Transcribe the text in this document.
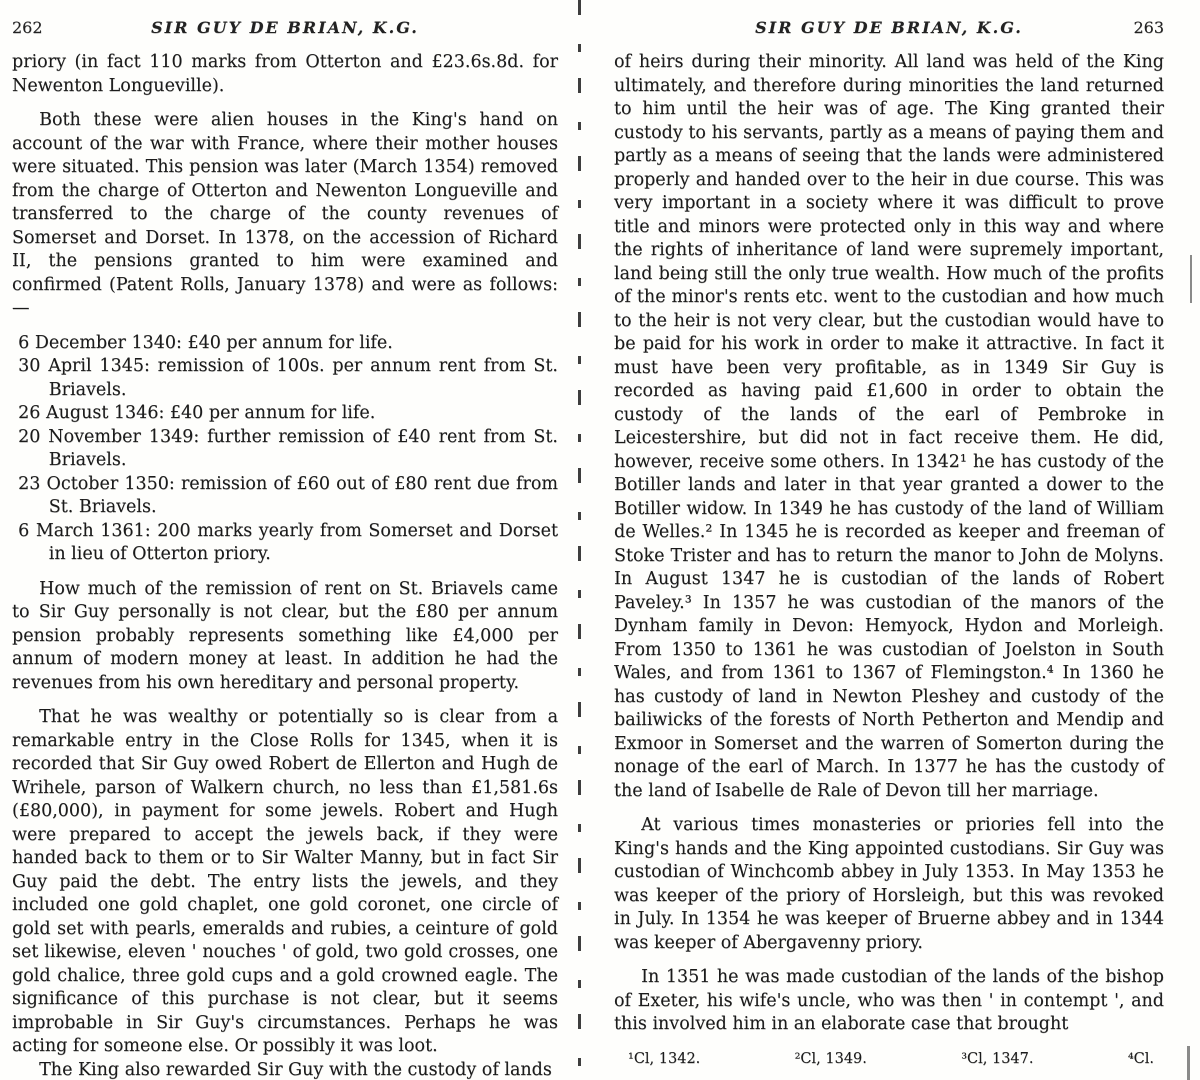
262	SIR GUY DE BRIAN, K.G.

priory (in fact 110 marks from Otterton and £23.6s.8d. for Newenton Longueville).

Both these were alien houses in the King's hand on account of the war with France, where their mother houses were situated. This pension was later (March 1354) removed from the charge of Otterton and Newenton Longueville and transferred to the charge of the county revenues of Somerset and Dorset. In 1378, on the accession of Richard II, the pensions granted to him were examined and confirmed (Patent Rolls, January 1378) and were as follows:—

6 December 1340: £40 per annum for life.
30 April 1345: remission of 100s. per annum rent from St. Briavels.
26 August 1346: £40 per annum for life.
20 November 1349: further remission of £40 rent from St. Briavels.
23 October 1350: remission of £60 out of £80 rent due from St. Briavels.
6 March 1361: 200 marks yearly from Somerset and Dorset in lieu of Otterton priory.

How much of the remission of rent on St. Briavels came to Sir Guy personally is not clear, but the £80 per annum pension probably represents something like £4,000 per annum of modern money at least. In addition he had the revenues from his own hereditary and personal property.

That he was wealthy or potentially so is clear from a remarkable entry in the Close Rolls for 1345, when it is recorded that Sir Guy owed Robert de Ellerton and Hugh de Wrihele, parson of Walkern church, no less than £1,581.6s (£80,000), in payment for some jewels. Robert and Hugh were prepared to accept the jewels back, if they were handed back to them or to Sir Walter Manny, but in fact Sir Guy paid the debt. The entry lists the jewels, and they included one gold chaplet, one gold coronet, one circle of gold set with pearls, emeralds and rubies, a ceinture of gold set likewise, eleven ' nouches ' of gold, two gold crosses, one gold chalice, three gold cups and a gold crowned eagle. The significance of this purchase is not clear, but it seems improbable in Sir Guy's circumstances. Perhaps he was acting for someone else. Or possibly it was loot.

The King also rewarded Sir Guy with the custody of lands

SIR GUY DE BRIAN, K.G.	263

of heirs during their minority. All land was held of the King ultimately, and therefore during minorities the land returned to him until the heir was of age. The King granted their custody to his servants, partly as a means of paying them and partly as a means of seeing that the lands were administered properly and handed over to the heir in due course. This was very important in a society where it was difficult to prove title and minors were protected only in this way and where the rights of inheritance of land were supremely important, land being still the only true wealth. How much of the profits of the minor's rents etc. went to the custodian and how much to the heir is not very clear, but the custodian would have to be paid for his work in order to make it attractive. In fact it must have been very profitable, as in 1349 Sir Guy is recorded as having paid £1,600 in order to obtain the custody of the lands of the earl of Pembroke in Leicestershire, but did not in fact receive them. He did, however, receive some others. In 1342¹ he has custody of the Botiller lands and later in that year granted a dower to the Botiller widow. In 1349 he has custody of the land of William de Welles.² In 1345 he is recorded as keeper and freeman of Stoke Trister and has to return the manor to John de Molyns. In August 1347 he is custodian of the lands of Robert Paveley.³ In 1357 he was custodian of the manors of the Dynham family in Devon: Hemyock, Hydon and Morleigh. From 1350 to 1361 he was custodian of Joelston in South Wales, and from 1361 to 1367 of Flemingston.⁴ In 1360 he has custody of land in Newton Pleshey and custody of the bailiwicks of the forests of North Petherton and Mendip and Exmoor in Somerset and the warren of Somerton during the nonage of the earl of March. In 1377 he has the custody of the land of Isabelle de Rale of Devon till her marriage.

At various times monasteries or priories fell into the King's hands and the King appointed custodians. Sir Guy was custodian of Winchcomb abbey in July 1353. In May 1353 he was keeper of the priory of Horsleigh, but this was revoked in July. In 1354 he was keeper of Bruerne abbey and in 1344 was keeper of Abergavenny priory.

In 1351 he was made custodian of the lands of the bishop of Exeter, his wife's uncle, who was then ' in contempt ', and this involved him in an elaborate case that brought

¹Cl, 1342.	²Cl, 1349.	³Cl, 1347.	⁴Cl.
